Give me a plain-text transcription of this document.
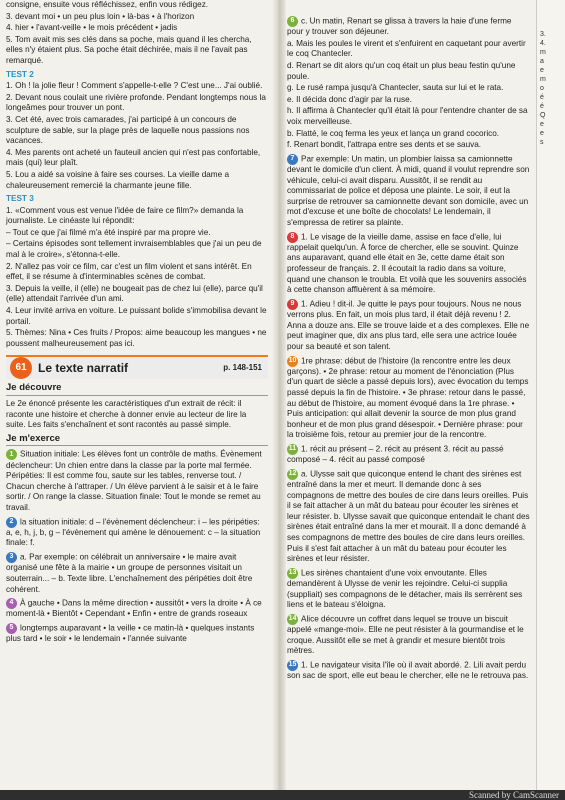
consigne, ensuite vous réfléchissez, enfin vous rédigez.

3. devant moi • un peu plus loin • là-bas • à l'horizon

4. hier • l'avant-veille • le mois précédent • jadis

5. Tom avait mis ses clés dans sa poche, mais quand il les chercha, elles n'y étaient plus. Sa poche était déchirée, mais il ne l'avait pas remarqué.

TEST 2

1. Oh ! la jolie fleur ! Comment s'appelle-t-elle ? C'est une... J'ai oublié.

2. Devant nous coulait une rivière profonde. Pendant longtemps nous la longeâmes pour trouver un pont.

3. Cet été, avec trois camarades, j'ai participé à un concours de sculpture de sable, sur la plage près de laquelle nous passions nos vacances.

4. Mes parents ont acheté un fauteuil ancien qui n'est pas confortable, mais (qui) leur plaît.

5. Lou a aidé sa voisine à faire ses courses. La vieille dame a chaleureusement remercié la charmante jeune fille.

TEST 3

1. «Comment vous est venue l'idée de faire ce film?» demanda la journaliste. Le cinéaste lui répondit:

– Tout ce que j'ai filmé m'a été inspiré par ma propre vie.

– Certains épisodes sont tellement invraisemblables que j'ai un peu de mal à le croire», s'étonna-t-elle.

2. N'allez pas voir ce film, car c'est un film violent et sans intérêt. En effet, il se résume à d'interminables scènes de combat.

3. Depuis la veille, il (elle) ne bougeait pas de chez lui (elle), parce qu'il (elle) attendait l'arrivée d'un ami.

4. Leur invité arriva en voiture. Le puissant bolide s'immobilisa devant le portail.

5. Thèmes: Nina • Ces fruits / Propos: aime beaucoup les mangues • ne poussent malheureusement pas ici.

61 Le texte narratif	p. 148-151
Je découvre

Le 2e énoncé présente les caractéristiques d'un extrait de récit: il raconte une histoire et cherche à donner envie au lecteur de lire la suite. Les faits s'enchaînent et sont racontés au passé simple.

Je m'exerce

1 Situation initiale: Les élèves font un contrôle de maths. Évènement déclencheur: Un chien entre dans la classe par la porte mal fermée. Péripéties: Il est comme fou, saute sur les tables, renverse tout. / Chacun cherche à l'attraper. / Un élève parvient à le saisir et à le faire sortir. / On range la classe. Situation finale: Tout le monde se remet au travail.

2 la situation initiale: d – l'évènement déclencheur: i – les péripéties: a, e, h, j, b, g – l'évènement qui amène le dénouement: c – la situation finale: f.

3 a. Par exemple: on célébrait un anniversaire • le maire avait organisé une fête à la mairie • un groupe de personnes visitait un souterrain... – b. Texte libre. L'enchaînement des péripéties doit être cohérent.

4 À gauche • Dans la même direction • aussitôt • vers la droite • À ce moment-là • Bientôt • Cependant • Enfin • entre de grands roseaux

5 longtemps auparavant • la veille • ce matin-là • quelques instants plus tard • le soir • le lendemain • l'année suivante

6 c. Un matin, Renart se glissa à travers la haie d'une ferme pour y trouver son déjeuner.

a. Mais les poules le virent et s'enfuirent en caquetant pour avertir le coq Chantecler.

d. Renart se dit alors qu'un coq était un plus beau festin qu'une poule.

g. Le rusé rampa jusqu'à Chantecler, sauta sur lui et le rata.

e. Il décida donc d'agir par la ruse.

h. Il affirma à Chantecler qu'il était là pour l'entendre chanter de sa voix merveilleuse.

b. Flatté, le coq ferma les yeux et lança un grand cocorico.

f. Renart bondit, l'attrapa entre ses dents et se sauva.

7 Par exemple: Un matin, un plombier laissa sa camionnette devant le domicile d'un client. À midi, quand il voulut reprendre son véhicule, celui-ci avait disparu. Aussitôt, il se rendit au commissariat de police et déposa une plainte. Le soir, il eut la surprise de retrouver sa camionnette devant son domicile, avec un mot d'excuse et une boîte de chocolats! Le lendemain, il s'empressa de retirer sa plainte.

8 1. Le visage de la vieille dame, assise en face d'elle, lui rappelait quelqu'un. À force de chercher, elle se souvint. Quinze ans auparavant, quand elle était en 3e, cette dame était son professeur de français. 2. Il écoutait la radio dans sa voiture, quand une chanson le troubla. Et voilà que les souvenirs associés à cette chanson affluèrent à sa mémoire.

9 1. Adieu ! dit-il. Je quitte le pays pour toujours. Nous ne nous verrons plus. En fait, un mois plus tard, il était déjà revenu ! 2. Anna a douze ans. Elle se trouve laide et a des complexes. Elle ne peut imaginer que, dix ans plus tard, elle sera une actrice louée pour sa beauté et son talent.

10 1re phrase: début de l'histoire (la rencontre entre les deux garçons). • 2e phrase: retour au moment de l'énonciation (Plus d'un quart de siècle a passé depuis lors), avec évocation du temps passé depuis la fin de l'histoire. • 3e phrase: retour dans le passé, au début de l'histoire, au moment évoqué dans la 1re phrase. • Puis anticipation: qui allait devenir la source de mon plus grand bonheur et de mon plus grand désespoir. • Dernière phrase: pour la troisième fois, retour au premier jour de la rencontre.

11 1. récit au présent – 2. récit au présent 3. récit au passé composé – 4. récit au passé composé

12 a. Ulysse sait que quiconque entend le chant des sirènes est entraîné dans la mer et meurt. Il demande donc à ses compagnons de mettre des boules de cire dans leurs oreilles. Puis il se fait attacher à un mât du bateau pour écouter les sirènes et leur résister. b. Ulysse savait que quiconque entendait le chant des sirènes était entraîné dans la mer et mourait. Il a donc demandé à ses compagnons de mettre des boules de cire dans leurs oreilles. Puis il s'est fait attacher à un mât du bateau pour écouter les sirènes et leur résister.

13 Les sirènes chantaient d'une voix envoutante. Elles demandèrent à Ulysse de venir les rejoindre. Celui-ci supplia (suppliait) ses compagnons de le détacher, mais ils serrèrent ses liens et le bateau s'éloigna.

14 Alice découvre un coffret dans lequel se trouve un biscuit appelé «mange-moi». Elle ne peut résister à la gourmandise et le croque. Aussitôt elle se met à grandir et mesure bientôt trois mètres.

15 1. Le navigateur visita l'île où il avait abordé. 2. Lili avait perdu son sac de sport, elle eut beau le chercher, elle ne le retrouva pas.

3.
4.
m
a
e
m
o
é
é
Q
e
e
s
Scanned by CamScanner
